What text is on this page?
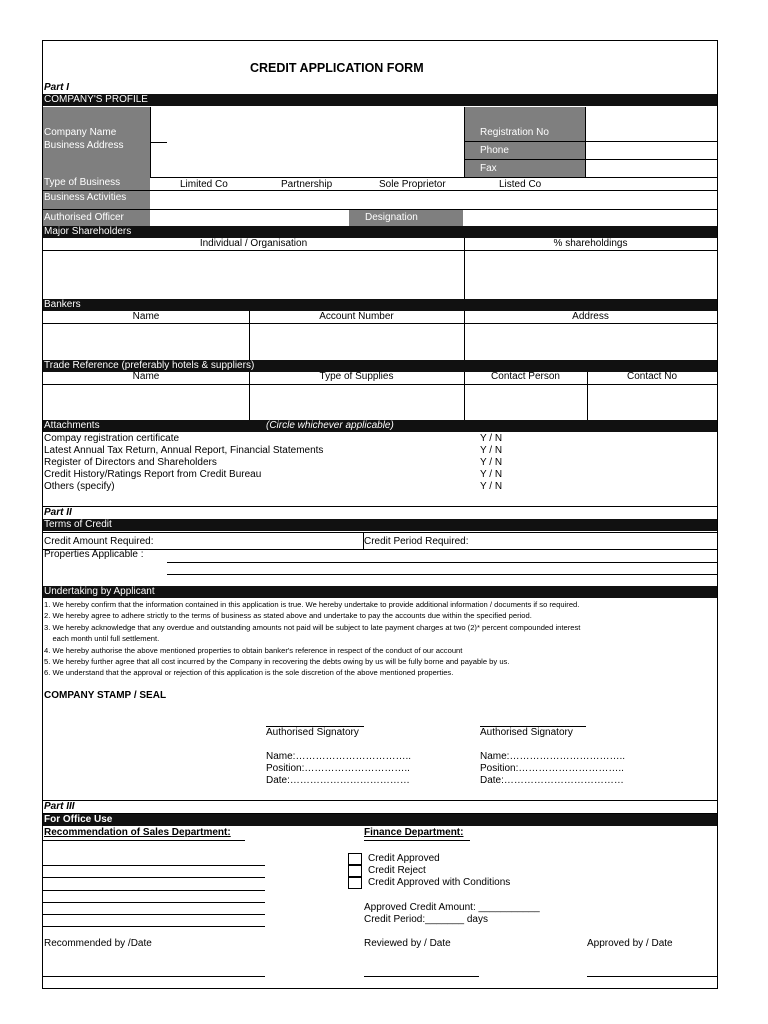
CREDIT APPLICATION FORM
Part I
COMPANY'S PROFILE
Company Name
Business Address
Registration No
Phone
Fax
Type of Business	Limited Co	Partnership	Sole Proprietor	Listed Co
Business Activities
Authorised Officer	Designation
Major Shareholders
Individual / Organisation	% shareholdings
Bankers
Name	Account Number	Address
Trade Reference (preferably hotels & suppliers)
Name	Type of Supplies	Contact Person	Contact No
Attachments	(Circle whichever applicable)
Compay registration certificate	Y / N
Latest Annual Tax Return, Annual Report, Financial Statements	Y / N
Register of Directors and Shareholders	Y / N
Credit History/Ratings Report from Credit Bureau	Y / N
Others (specify)	Y / N
Part II
Terms of Credit
Credit Amount Required:	Credit Period Required:
Properties Applicable :
Undertaking by Applicant
1. We hereby confirm that the information contained in this application is true. We hereby undertake to provide additional information / documents if so required.
2. We hereby agree to adhere strictly to the terms of business as stated above and undertake to pay the accounts due within the specified period.
3. We hereby acknowledge that any overdue and outstanding amounts not paid will be subject to late payment charges at two (2)* percent compounded interest
each month until full settlement.
4. We hereby authorise the above mentioned properties to obtain banker's reference in respect of the conduct of our account
5. We hereby further agree that all cost incurred by the Company in recovering the debts owing by us will be fully borne and payable by us.
6. We understand that the approval or rejection of this application is the sole discretion of the above mentioned properties.
COMPANY STAMP / SEAL
Authorised Signatory
Name:……………………………..
Position:…………………………..
Date:………………………………
Authorised Signatory
Name:……………………………..
Position:…………………………..
Date:………………………………
Part III
For Office Use
Recommendation of Sales Department:	Finance Department:
Credit Approved
Credit Reject
Credit Approved with Conditions
Approved Credit Amount: ___________
Credit Period:_______ days
Recommended by /Date	Reviewed by / Date	Approved by / Date
